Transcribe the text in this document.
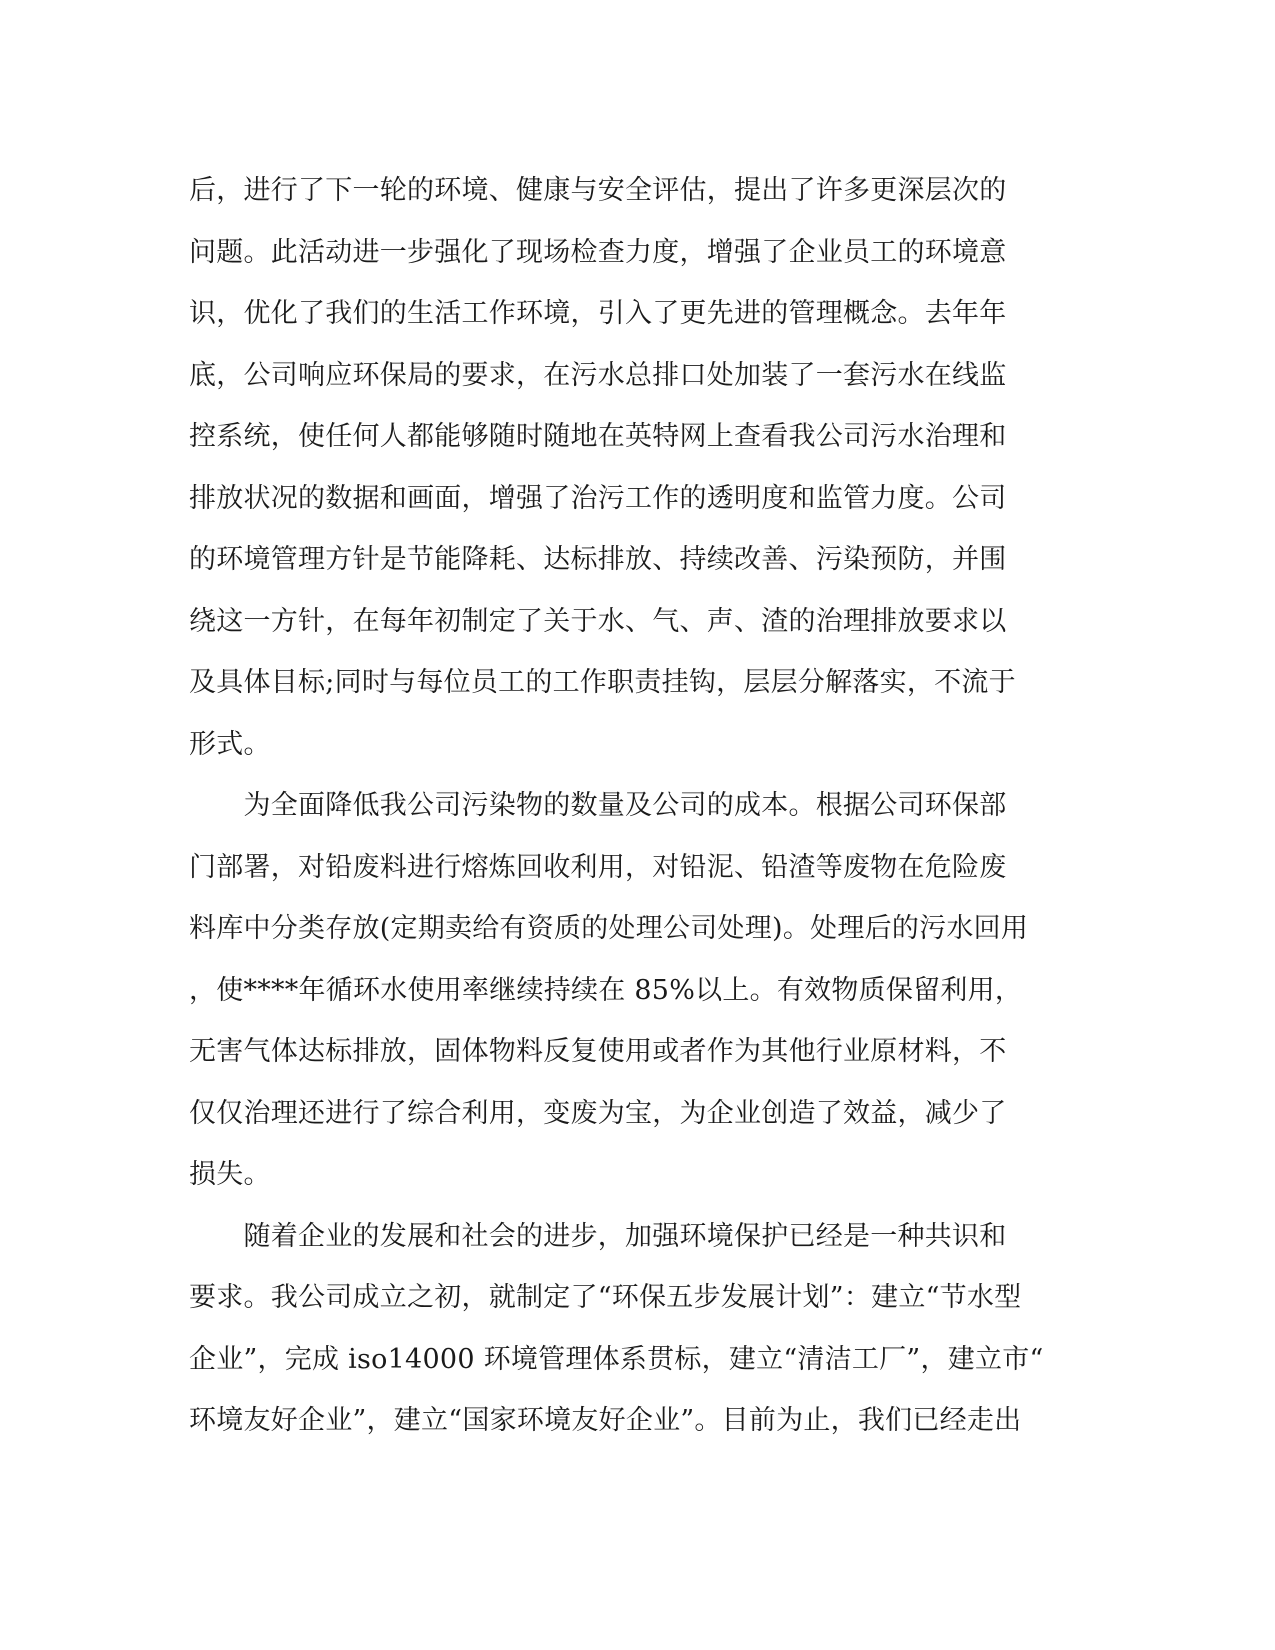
后，进行了下一轮的环境、健康与安全评估，提出了许多更深层次的
问题。此活动进一步强化了现场检查力度，增强了企业员工的环境意
识，优化了我们的生活工作环境，引入了更先进的管理概念。去年年
底，公司响应环保局的要求，在污水总排口处加装了一套污水在线监
控系统，使任何人都能够随时随地在英特网上查看我公司污水治理和
排放状况的数据和画面，增强了治污工作的透明度和监管力度。公司
的环境管理方针是节能降耗、达标排放、持续改善、污染预防，并围
绕这一方针，在每年初制定了关于水、气、声、渣的治理排放要求以
及具体目标;同时与每位员工的工作职责挂钩，层层分解落实，不流于
形式。
　　为全面降低我公司污染物的数量及公司的成本。根据公司环保部
门部署，对铅废料进行熔炼回收利用，对铅泥、铅渣等废物在危险废
料库中分类存放(定期卖给有资质的处理公司处理)。处理后的污水回用
，使****年循环水使用率继续持续在 85%以上。有效物质保留利用，
无害气体达标排放，固体物料反复使用或者作为其他行业原材料，不
仅仅治理还进行了综合利用，变废为宝，为企业创造了效益，减少了
损失。
　　随着企业的发展和社会的进步，加强环境保护已经是一种共识和
要求。我公司成立之初，就制定了“环保五步发展计划”：建立“节水型
企业”，完成 iso14000 环境管理体系贯标，建立“清洁工厂”，建立市“
环境友好企业”，建立“国家环境友好企业”。目前为止，我们已经走出
